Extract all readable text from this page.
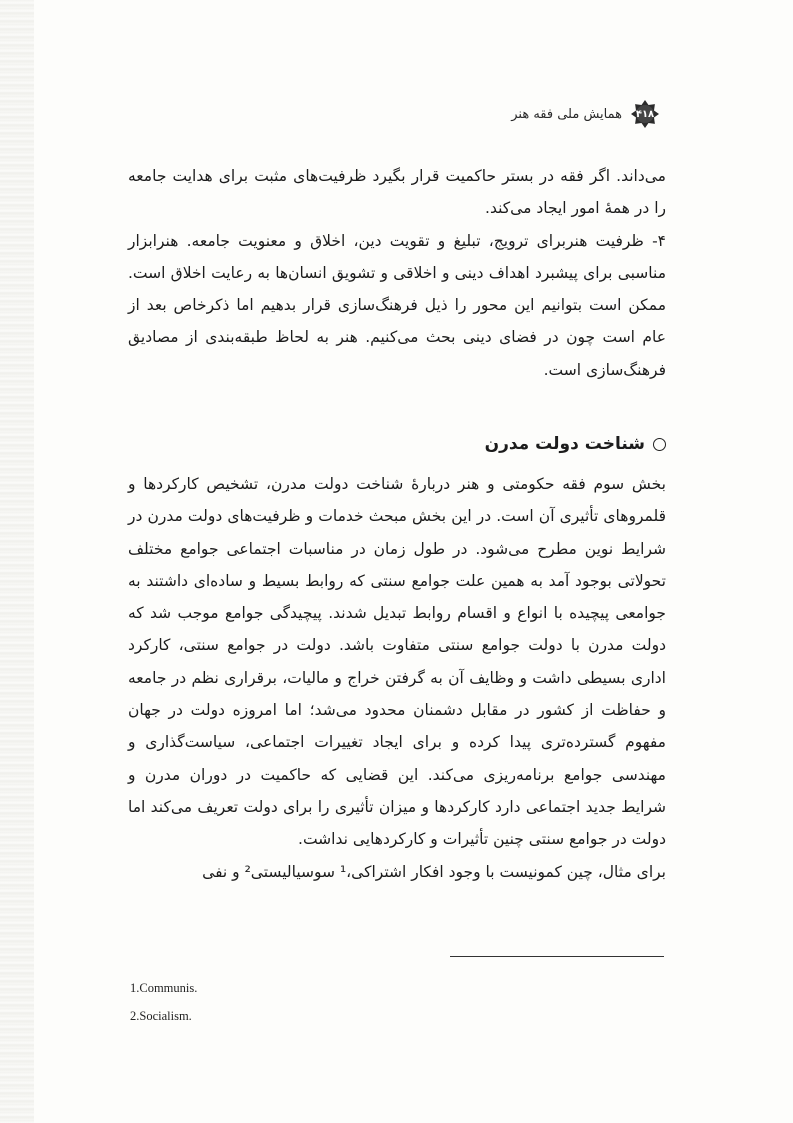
همایش ملی فقه هنر ۴۱۸

می‌داند. اگر فقه در بستر حاکمیت قرار بگیرد ظرفیت‌های مثبت برای هدایت جامعه را در همهٔ امور ایجاد می‌کند.

۴- ظرفیت هنربرای ترویج، تبلیغ و تقویت دین، اخلاق و معنویت جامعه. هنرابزار مناسبی برای پیشبرد اهداف دینی و اخلاقی و تشویق انسان‌ها به رعایت اخلاق است. ممکن است بتوانیم این محور را ذیل فرهنگ‌سازی قرار بدهیم اما ذکرخاص بعد از عام است چون در فضای دینی بحث می‌کنیم. هنر به لحاظ طبقه‌بندی از مصادیق فرهنگ‌سازی است.

شناخت دولت مدرن

بخش سوم فقه حکومتی و هنر دربارهٔ شناخت دولت مدرن، تشخیص کارکردها و قلمروهای تأثیری آن است. در این بخش مبحث خدمات و ظرفیت‌های دولت مدرن در شرایط نوین مطرح می‌شود. در طول زمان در مناسبات اجتماعی جوامع مختلف تحولاتی بوجود آمد به همین علت جوامع سنتی که روابط بسیط و ساده‌ای داشتند به جوامعی پیچیده با انواع و اقسام روابط تبدیل شدند. پیچیدگی جوامع موجب شد که دولت مدرن با دولت جوامع سنتی متفاوت باشد. دولت در جوامع سنتی، کارکرد اداری بسیطی داشت و وظایف آن به گرفتن خراج و مالیات، برقراری نظم در جامعه و حفاظت از کشور در مقابل دشمنان محدود می‌شد؛ اما امروزه دولت در جهان مفهوم گسترده‌تری پیدا کرده و برای ایجاد تغییرات اجتماعی، سیاست‌گذاری و مهندسی جوامع برنامه‌ریزی می‌کند. این قضایی که حاکمیت در دوران مدرن و شرایط جدید اجتماعی دارد کارکردها و میزان تأثیری را برای دولت تعریف می‌کند اما دولت در جوامع سنتی چنین تأثیرات و کارکردهایی نداشت.

برای مثال، چین کمونیست با وجود افکار اشتراکی،¹ سوسیالیستی² و نفی

1.Communis.
2.Socialism.
